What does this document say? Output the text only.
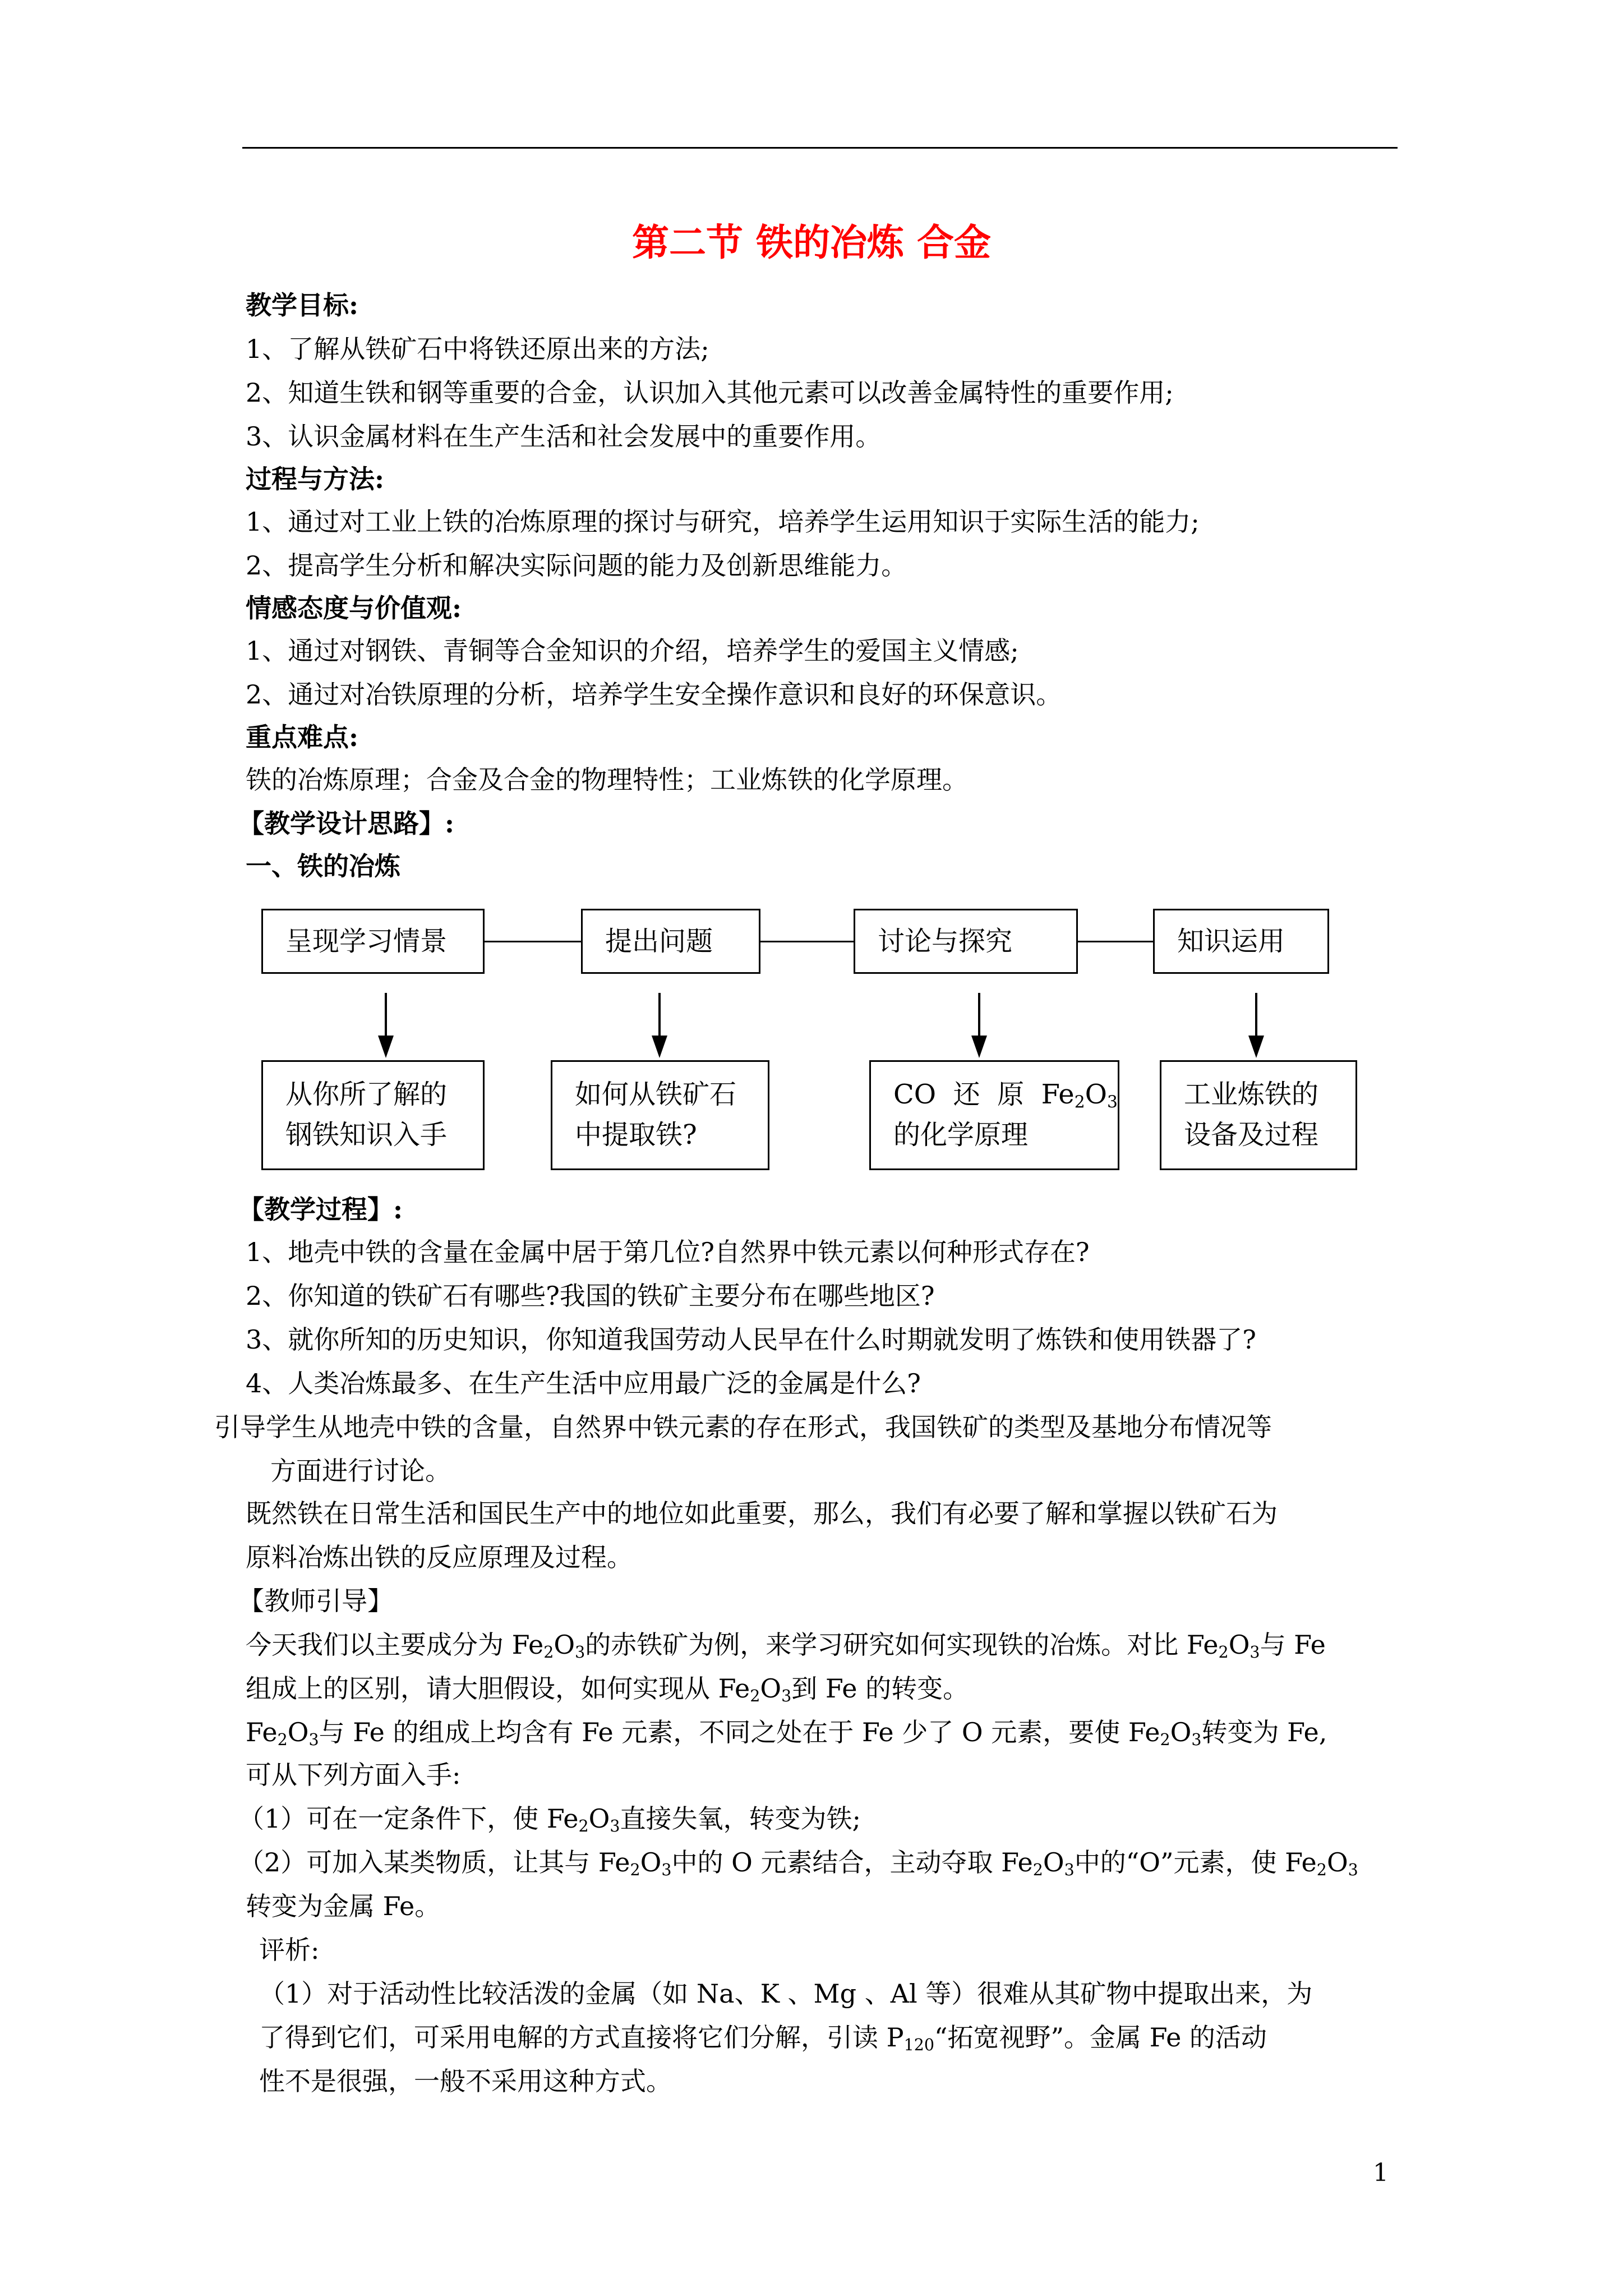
第二节 铁的冶炼 合金
教学目标:
1、了解从铁矿石中将铁还原出来的方法;
2、知道生铁和钢等重要的合金，认识加入其他元素可以改善金属特性的重要作用;
3、认识金属材料在生产生活和社会发展中的重要作用。
过程与方法:
1、通过对工业上铁的冶炼原理的探讨与研究，培养学生运用知识于实际生活的能力;
2、提高学生分析和解决实际问题的能力及创新思维能力。
情感态度与价值观:
1、通过对钢铁、青铜等合金知识的介绍，培养学生的爱国主义情感;
2、通过对冶铁原理的分析，培养学生安全操作意识和良好的环保意识。
重点难点:
铁的冶炼原理；合金及合金的物理特性；工业炼铁的化学原理。
【教学设计思路】:
一、铁的冶炼
呈现学习情景	提出问题	讨论与探究	知识运用
从你所了解的
钢铁知识入手
如何从铁矿石
中提取铁?
CO  还  原  $Fe_2O_3$
的化学原理
工业炼铁的
设备及过程
【教学过程】:
1、地壳中铁的含量在金属中居于第几位?自然界中铁元素以何种形式存在?
2、你知道的铁矿石有哪些?我国的铁矿主要分布在哪些地区?
3、就你所知的历史知识，你知道我国劳动人民早在什么时期就发明了炼铁和使用铁器了?
4、人类冶炼最多、在生产生活中应用最广泛的金属是什么?
引导学生从地壳中铁的含量，自然界中铁元素的存在形式，我国铁矿的类型及基地分布情况等
方面进行讨论。
既然铁在日常生活和国民生产中的地位如此重要，那么，我们有必要了解和掌握以铁矿石为
原料冶炼出铁的反应原理及过程。
【教师引导】
今天我们以主要成分为 $Fe_2O_3$的赤铁矿为例，来学习研究如何实现铁的冶炼。对比 $Fe_2O_3$与 Fe
组成上的区别，请大胆假设，如何实现从 $Fe_2O_3$到 Fe 的转变。
$Fe_2O_3$与 Fe 的组成上均含有 Fe 元素，不同之处在于 Fe 少了 O 元素，要使 $Fe_2O_3$转变为 Fe,
可从下列方面入手:
（1）可在一定条件下，使 $Fe_2O_3$直接失氧，转变为铁;
（2）可加入某类物质，让其与 $Fe_2O_3$中的 O 元素结合，主动夺取 $Fe_2O_3$中的“O”元素，使 $Fe_2O_3$
转变为金属 Fe。
评析:
（1）对于活动性比较活泼的金属（如 Na、K 、Mg 、Al 等）很难从其矿物中提取出来，为
了得到它们，可采用电解的方式直接将它们分解，引读 $P_{120}“$拓宽视野”。金属 Fe 的活动
性不是很强，一般不采用这种方式。
1
